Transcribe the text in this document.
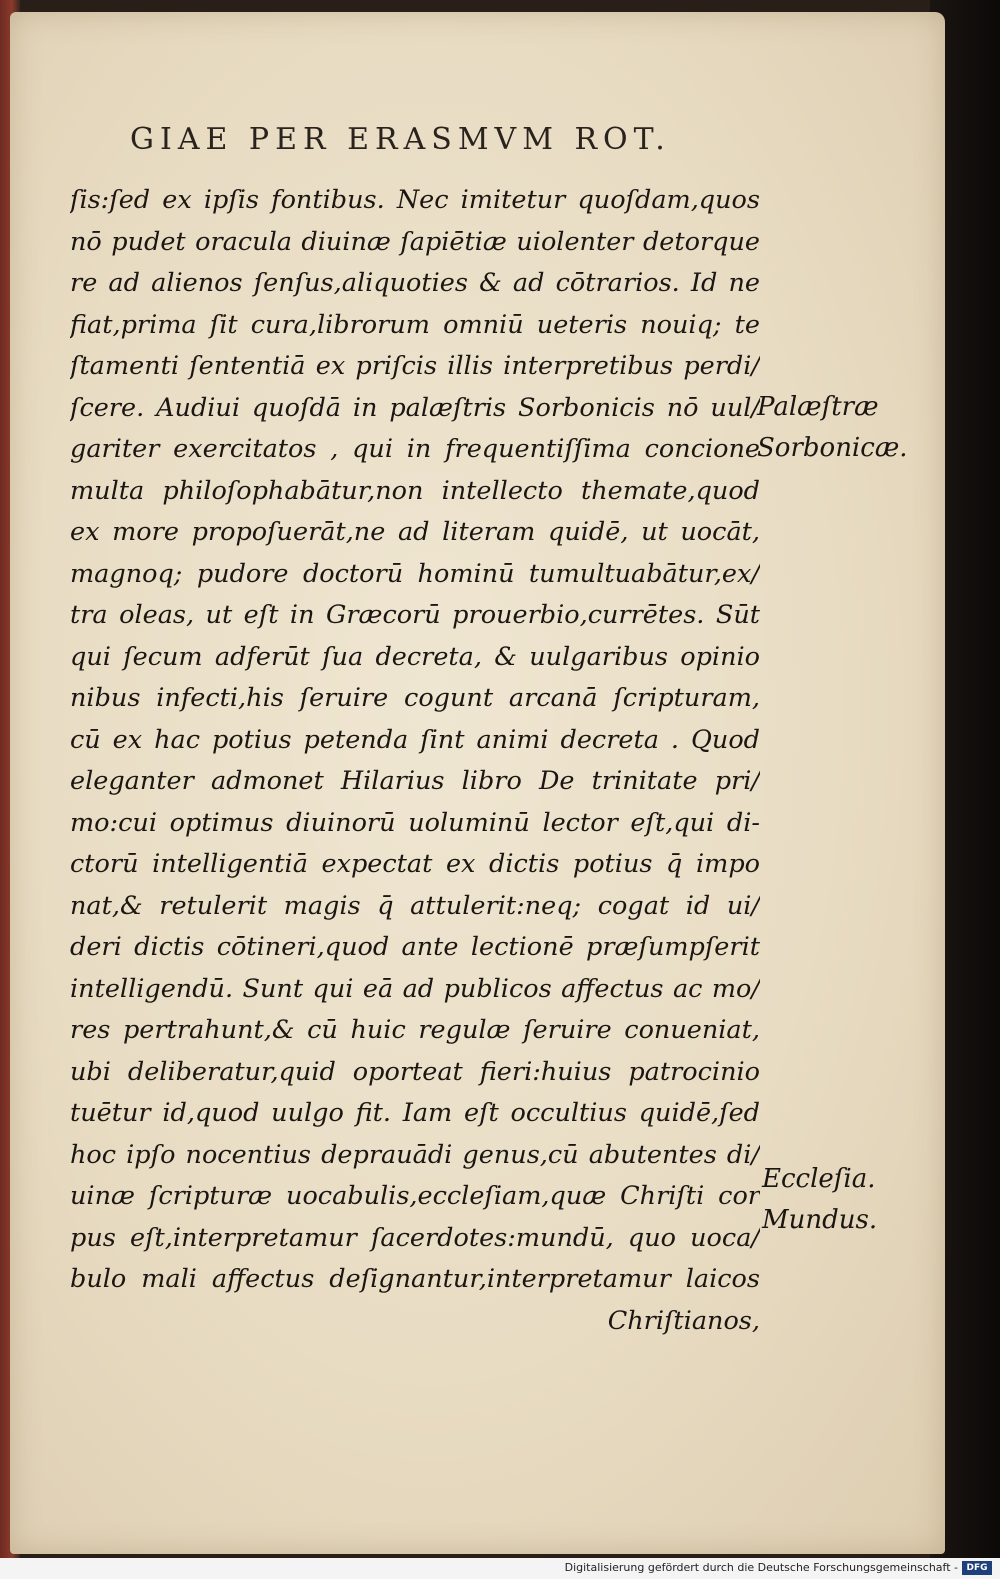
GIAE PER ERASMVM ROT.
ſis:ſed ex ipſis fontibus. Nec imitetur quoſdam,quos
nō pudet oracula diuinæ ſapiētiæ uiolenter detorque
re ad alienos ſenſus,aliquoties & ad cōtrarios. Id ne
fiat,prima ſit cura,librorum omniū ueteris nouiq; te
ſtamenti ſententiā ex priſcis illis interpretibus perdi/
ſcere. Audiui quoſdā in palæſtris Sorbonicis nō uul/
gariter exercitatos , qui in frequentiſſima concione
multa philoſophabātur,non intellecto themate,quod
ex more propoſuerāt,ne ad literam quidē, ut uocāt,
magnoq; pudore doctorū hominū tumultuabātur,ex/
tra oleas, ut eſt in Græcorū prouerbio,currētes. Sūt
qui ſecum adferūt ſua decreta, & uulgaribus opinio
nibus infecti,his ſeruire cogunt arcanā ſcripturam,
cū ex hac potius petenda ſint animi decreta . Quod
eleganter admonet Hilarius libro De trinitate pri/
mo:cui optimus diuinorū uoluminū lector eſt,qui di-
ctorū intelligentiā expectat ex dictis potius q̄ impo
nat,& retulerit magis q̄ attulerit:neq; cogat id ui/
deri dictis cōtineri,quod ante lectionē præſumpſerit
intelligendū. Sunt qui eā ad publicos affectus ac mo/
res pertrahunt,& cū huic regulæ ſeruire conueniat,
ubi deliberatur,quid oporteat fieri:huius patrocinio
tuētur id,quod uulgo fit. Iam eſt occultius quidē,ſed
hoc ipſo nocentius deprauādi genus,cū abutentes di/
uinæ ſcripturæ uocabulis,eccleſiam,quæ Chriſti cor
pus eſt,interpretamur ſacerdotes:mundū, quo uoca/
bulo mali affectus deſignantur,interpretamur laicos
Chriſtianos,
Palæſtræ
Sorbonicæ.
Eccleſia.
Mundus.
Digitalisierung gefördert durch die Deutsche Forschungsgemeinschaft - DFG
